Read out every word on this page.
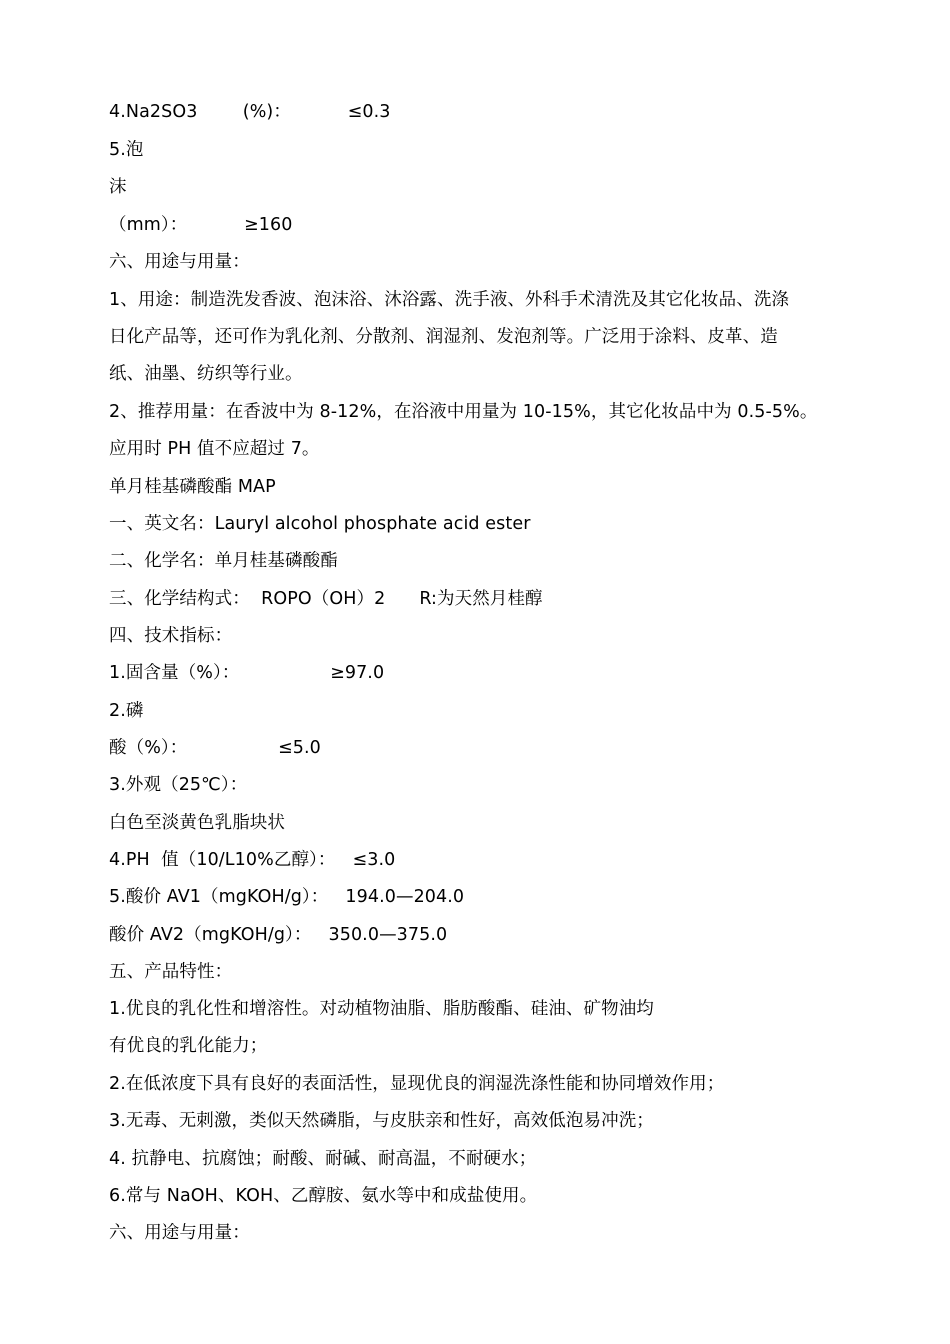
4.Na2SO3        (%)：          ≤0.3
5.泡
沫
（mm）：          ≥160
六、用途与用量：
1、用途：制造洗发香波、泡沫浴、沐浴露、洗手液、外科手术清洗及其它化妆品、洗涤
日化产品等，还可作为乳化剂、分散剂、润湿剂、发泡剂等。广泛用于涂料、皮革、造
纸、油墨、纺织等行业。
2、推荐用量：在香波中为 8-12%，在浴液中用量为 10-15%，其它化妆品中为 0.5-5%。
应用时 PH 值不应超过 7。
单月桂基磷酸酯 MAP
一、英文名：Lauryl alcohol phosphate acid ester
二、化学名：单月桂基磷酸酯
三、化学结构式：  ROPO（OH）2      R:为天然月桂醇
四、技术指标：
1.固含量（%）：                ≥97.0
2.磷
酸（%）：                ≤5.0
3.外观（25℃）：
白色至淡黄色乳脂块状
4.PH  值（10/L10%乙醇）：   ≤3.0
5.酸价 AV1（mgKOH/g）：   194.0—204.0
酸价 AV2（mgKOH/g）：   350.0—375.0
五、产品特性：
1.优良的乳化性和增溶性。对动植物油脂、脂肪酸酯、硅油、矿物油均
有优良的乳化能力；
2.在低浓度下具有良好的表面活性，显现优良的润湿洗涤性能和协同增效作用；
3.无毒、无刺激，类似天然磷脂，与皮肤亲和性好，高效低泡易冲洗；
4. 抗静电、抗腐蚀；耐酸、耐碱、耐高温，不耐硬水；
6.常与 NaOH、KOH、乙醇胺、氨水等中和成盐使用。
六、用途与用量：
